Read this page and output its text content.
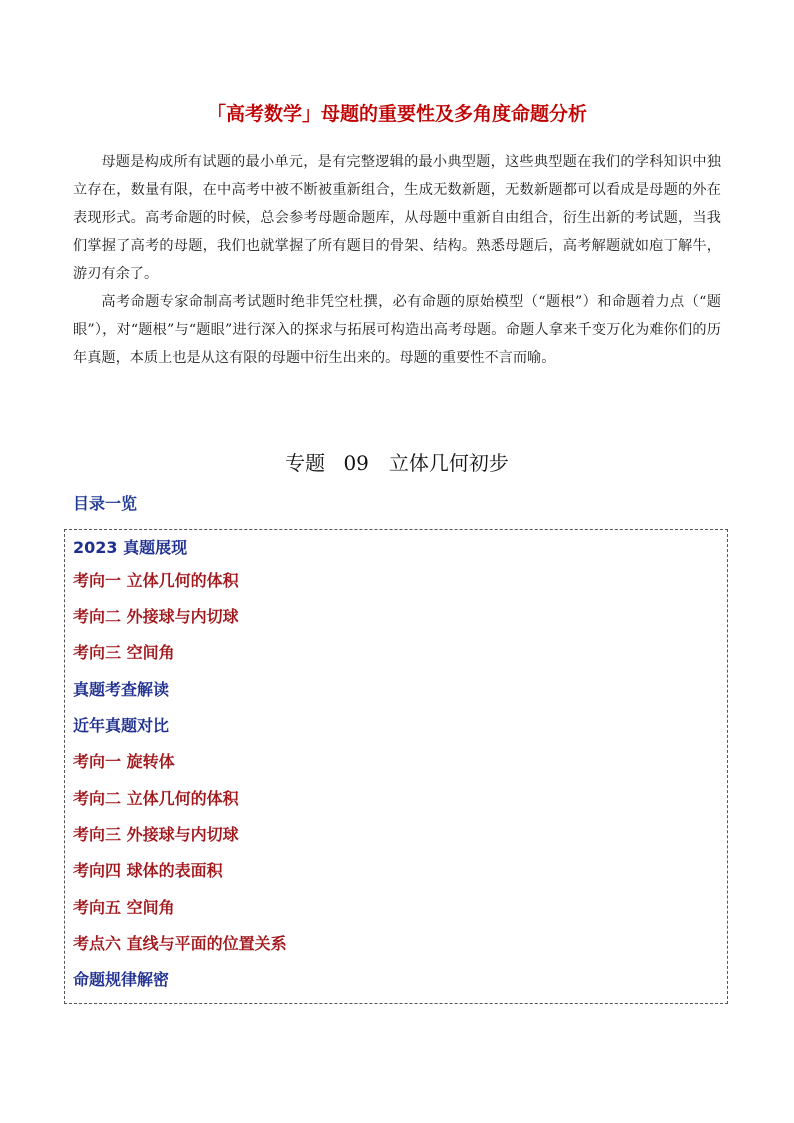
「高考数学」母题的重要性及多角度命题分析

母题是构成所有试题的最小单元，是有完整逻辑的最小典型题，这些典型题在我们的学科知识中独立存在，数量有限，在中高考中被不断被重新组合，生成无数新题，无数新题都可以看成是母题的外在表现形式。高考命题的时候，总会参考母题命题库，从母题中重新自由组合，衍生出新的考试题，当我们掌握了高考的母题，我们也就掌握了所有题目的骨架、结构。熟悉母题后，高考解题就如庖丁解牛，游刃有余了。

高考命题专家命制高考试题时绝非凭空杜撰，必有命题的原始模型（“题根”）和命题着力点（“题眼”），对“题根”与“题眼”进行深入的探求与拓展可构造出高考母题。命题人拿来千变万化为难你们的历年真题，本质上也是从这有限的母题中衍生出来的。母题的重要性不言而喻。

专题 09　立体几何初步
目录一览
2023 真题展现
考向一 立体几何的体积
考向二 外接球与内切球
考向三 空间角
真题考查解读
近年真题对比
考向一 旋转体
考向二 立体几何的体积
考向三 外接球与内切球
考向四 球体的表面积
考向五 空间角
考点六 直线与平面的位置关系
命题规律解密
